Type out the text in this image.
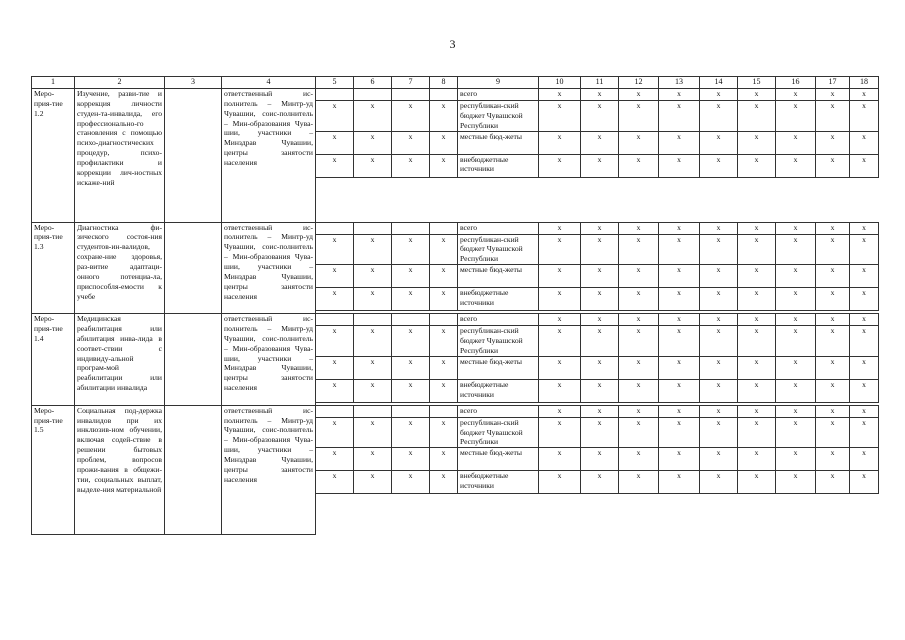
3
1	2	3	4	5	6	7	8	9	10	11	12	13	14	15	16	17	18
Меро-прия-тие 1.2	Изучение, разви-тие и коррекция личности студен-та-инвалида, его профессионально-го становления с помощью психо-диагностических процедур, психо-профилактики и коррекции лич-ностных искаже-ний		ответственный ис-полнитель – Минтр-уд Чувашии, соис-полнитель – Мин-образования Чува-шии, участники – Минздрав Чувашии, центры занятости населения					всего	x	x	x	x	x	x	x	x	x
				x	x	x	x	республикан-ский бюджет Чувашской Республики	x	x	x	x	x	x	x	x	x
				x	x	x	x	местные бюд-жеты	x	x	x	x	x	x	x	x	x
				x	x	x	x	внебюджетные источники	x	x	x	x	x	x	x	x	x

Меро-прия-тие 1.3	Диагностика фи-зического состоя-ния студентов-ин-валидов, сохране-ние здоровья, раз-витие адаптаци-онного потенциа-ла, приспособля-емости к учебе		ответственный ис-полнитель – Минтр-уд Чувашии, соис-полнитель – Мин-образования Чува-шии, участники – Минздрав Чувашии, центры занятости населения					всего	x	x	x	x	x	x	x	x	x
				x	x	x	x	республикан-ский бюджет Чувашской Республики	x	x	x	x	x	x	x	x	x
				x	x	x	x	местные бюд-жеты	x	x	x	x	x	x	x	x	x
				x	x	x	x	внебюджетные источники	x	x	x	x	x	x	x	x	x

Меро-прия-тие 1.4	Медицинская реабилитация или абилитация инва-лида в соответ-ствии с индивиду-альной програм-мой реабилитации или абилитации инвалида		ответственный ис-полнитель – Минтр-уд Чувашии, соис-полнитель – Мин-образования Чува-шии, участники – Минздрав Чувашии, центры занятости населения					всего	x	x	x	x	x	x	x	x	x
				x	x	x	x	республикан-ский бюджет Чувашской Республики	x	x	x	x	x	x	x	x	x
				x	x	x	x	местные бюд-жеты	x	x	x	x	x	x	x	x	x
				x	x	x	x	внебюджетные источники	x	x	x	x	x	x	x	x	x

Меро-прия-тие 1.5	Социальная под-держка инвалидов при их инклюзив-ном обучении, включая содей-ствие в решении бытовых проблем, вопросов прожи-вания в общежи-тии, социальных выплат, выделе-ния материальной		ответственный ис-полнитель – Минтр-уд Чувашии, соис-полнитель – Мин-образования Чува-шии, участники – Минздрав Чувашии, центры занятости населения					всего	x	x	x	x	x	x	x	x	x
				x	x	x	x	республикан-ский бюджет Чувашской Республики	x	x	x	x	x	x	x	x	x
				x	x	x	x	местные бюд-жеты	x	x	x	x	x	x	x	x	x
				x	x	x	x	внебюджетные источники	x	x	x	x	x	x	x	x	x
